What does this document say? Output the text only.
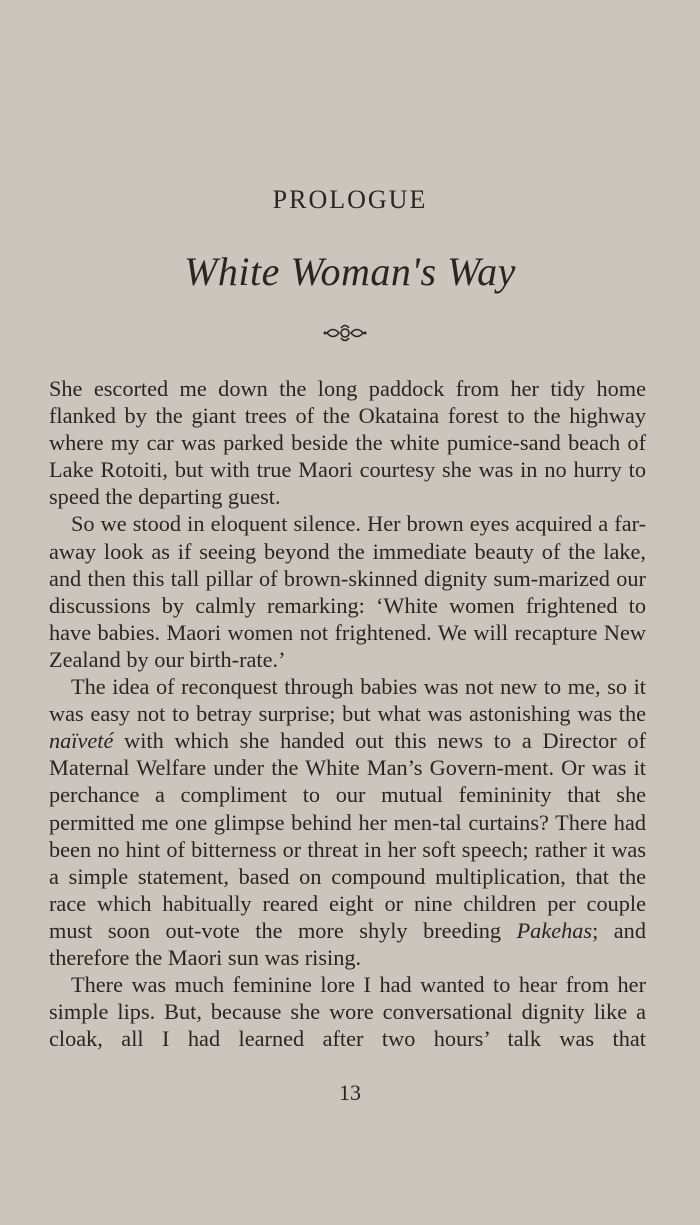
PROLOGUE
White Woman's Way

She escorted me down the long paddock from her tidy home flanked by the giant trees of the Okataina forest to the highway where my car was parked beside the white pumice-sand beach of Lake Rotoiti, but with true Maori courtesy she was in no hurry to speed the departing guest.

So we stood in eloquent silence. Her brown eyes acquired a far-away look as if seeing beyond the immediate beauty of the lake, and then this tall pillar of brown-skinned dignity sum-marized our discussions by calmly remarking: ‘White women frightened to have babies. Maori women not frightened. We will recapture New Zealand by our birth-rate.’

The idea of reconquest through babies was not new to me, so it was easy not to betray surprise; but what was astonishing was the naïveté with which she handed out this news to a Director of Maternal Welfare under the White Man’s Govern-ment. Or was it perchance a compliment to our mutual femininity that she permitted me one glimpse behind her men-tal curtains? There had been no hint of bitterness or threat in her soft speech; rather it was a simple statement, based on compound multiplication, that the race which habitually reared eight or nine children per couple must soon out-vote the more shyly breeding Pakehas; and therefore the Maori sun was rising.

There was much feminine lore I had wanted to hear from her simple lips. But, because she wore conversational dignity like a cloak, all I had learned after two hours’ talk was that

13
